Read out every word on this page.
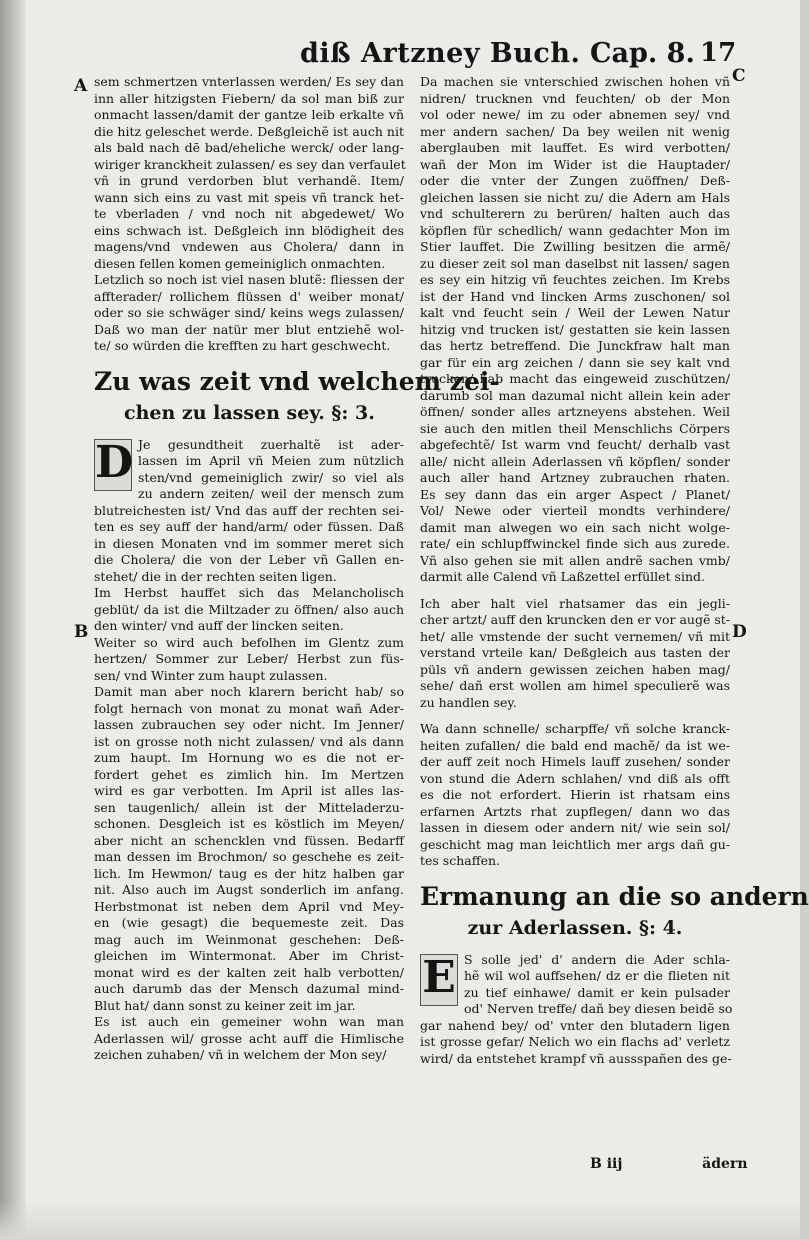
diß Artzney Buch. Cap. 8. 17
A
B
C
D
sem schmertzen vnterlassen werden/ Es sey dan
inn aller hitzigsten Fiebern/ da sol man biß zur
onmacht lassen/damit der gantze leib erkalte vñ
die hitz geleschet werde. Deßgleichẽ ist auch nit
als bald nach dē bad/eheliche werck/ oder lang-
wiriger kranckheit zulassen/ es sey dan verfaulet
vñ in grund verdorben blut verhandẽ. Item/
wann sich eins zu vast mit speis vñ tranck het-
te vberladen / vnd noch nit abgedewet/ Wo
eins schwach ist. Deßgleich inn blödigheit des
magens/vnd vndewen aus Cholera/ dann in
diesen fellen komen gemeiniglich onmachten.
Letzlich so noch ist viel nasen blutẽ: fliessen der
affterader/ rollichem flüssen d' weiber monat/
oder so sie schwäger sind/ keins wegs zulassen/
Daß wo man der natür mer blut entziehẽ wol-
te/ so würden die krefften zu hart geschwecht.
Zu was zeit vnd welchem zei-
chen zu lassen sey. §: 3.
D Je gesundtheit zuerhaltẽ ist ader-
lassen im April vñ Meien zum nützlich
sten/vnd gemeiniglich zwir/ so viel als
zu andern zeiten/ weil der mensch zum
blutreichesten ist/ Vnd das auff der rechten sei-
ten es sey auff der hand/arm/ oder füssen. Daß
in diesen Monaten vnd im sommer meret sich
die Cholera/ die von der Leber vñ Gallen en-
stehet/ die in der rechten seiten ligen.
Im Herbst hauffet sich das Melancholisch
geblüt/ da ist die Miltzader zu öffnen/ also auch
den winter/ vnd auff der lincken seiten.
Weiter so wird auch befolhen im Glentz zum
hertzen/ Sommer zur Leber/ Herbst zun füs-
sen/ vnd Winter zum haupt zulassen.
Damit man aber noch klarern bericht hab/ so
folgt hernach von monat zu monat wañ Ader-
lassen zubrauchen sey oder nicht. Im Jenner/
ist on grosse noth nicht zulassen/ vnd als dann
zum haupt. Im Hornung wo es die not er-
fordert gehet es zimlich hin. Im Mertzen
wird es gar verbotten. Im April ist alles las-
sen taugenlich/ allein ist der Mitteladerzu-
schonen. Desgleich ist es köstlich im Meyen/
aber nicht an schencklen vnd füssen. Bedarff
man dessen im Brochmon/ so geschehe es zeit-
lich. Im Hewmon/ taug es der hitz halben gar
nit. Also auch im Augst sonderlich im anfang.
Herbstmonat ist neben dem April vnd Mey-
en (wie gesagt) die bequemeste zeit. Das
mag auch im Weinmonat geschehen: Deß-
gleichen im Wintermonat. Aber im Christ-
monat wird es der kalten zeit halb verbotten/
auch darumb das der Mensch dazumal mind-
Blut hat/ dann sonst zu keiner zeit im jar.
Es ist auch ein gemeiner wohn wan man
Aderlassen wil/ grosse acht auff die Himlische
zeichen zuhaben/ vñ in welchem der Mon sey/
Da machen sie vnterschied zwischen hohen vñ
nidren/ trucknen vnd feuchten/ ob der Mon
vol oder newe/ im zu oder abnemen sey/ vnd
mer andern sachen/ Da bey weilen nit wenig
aberglauben mit lauffet. Es wird verbotten/
wañ der Mon im Wider ist die Hauptader/
oder die vnter der Zungen zuöffnen/ Deß-
gleichen lassen sie nicht zu/ die Adern am Hals
vnd schulterern zu berüren/ halten auch das
köpflen für schedlich/ wann gedachter Mon im
Stier lauffet. Die Zwilling besitzen die armẽ/
zu dieser zeit sol man daselbst nit lassen/ sagen
es sey ein hitzig vñ feuchtes zeichen. Im Krebs
ist der Hand vnd lincken Arms zuschonen/ sol
kalt vnd feucht sein / Weil der Lewen Natur
hitzig vnd trucken ist/ gestatten sie kein lassen
das hertz betreffend. Die Junckfraw halt man
gar für ein arg zeichen / dann sie sey kalt vnd
trucken/ hab macht das eingeweid zuschützen/
darumb sol man dazumal nicht allein kein ader
öffnen/ sonder alles artzneyens abstehen. Weil
sie auch den mitlen theil Menschlichs Cörpers
abgefechtẽ/ Ist warm vnd feucht/ derhalb vast
alle/ nicht allein Aderlassen vñ köpflen/ sonder
auch aller hand Artzney zubrauchen rhaten.
Es sey dann das ein arger Aspect / Planet/
Vol/ Newe oder vierteil mondts verhindere/
damit man alwegen wo ein sach nicht wolge-
rate/ ein schlupffwinckel finde sich aus zurede.
Vñ also gehen sie mit allen andrẽ sachen vmb/
darmit alle Calend vñ Laßzettel erfüllet sind.
Ich aber halt viel rhatsamer das ein jegli-
cher artzt/ auff den kruncken den er vor augẽ st-
het/ alle vmstende der sucht vernemen/ vñ mit
verstand vrteile kan/ Deßgleich aus tasten der
püls vñ andern gewissen zeichen haben mag/
sehe/ dañ erst wollen am himel speculierẽ was
zu handlen sey.
Wa dann schnelle/ scharpffe/ vñ solche kranck-
heiten zufallen/ die bald end machẽ/ da ist we-
der auff zeit noch Himels lauff zusehen/ sonder
von stund die Adern schlahen/ vnd diß als offt
es die not erfordert. Hierin ist rhatsam eins
erfarnen Artzts rhat zupflegen/ dann wo das
lassen in diesem oder andern nit/ wie sein sol/
geschicht mag man leichtlich mer args dañ gu-
tes schaffen.
Ermanung an die so andern
zur Aderlassen. §: 4.
E S solle jed' d' andern die Ader schla-
hẽ wil wol auffsehen/ dz er die flieten nit
zu tief einhawe/ damit er kein pulsader
od' Nerven treffe/ dañ bey diesen beidẽ so
gar nahend bey/ od' vnter den blutadern ligen
ist grosse gefar/ Nelich wo ein flachs ad' verletz
wird/ da entstehet krampf vñ aussspañen des ge-
B iij	ädern
